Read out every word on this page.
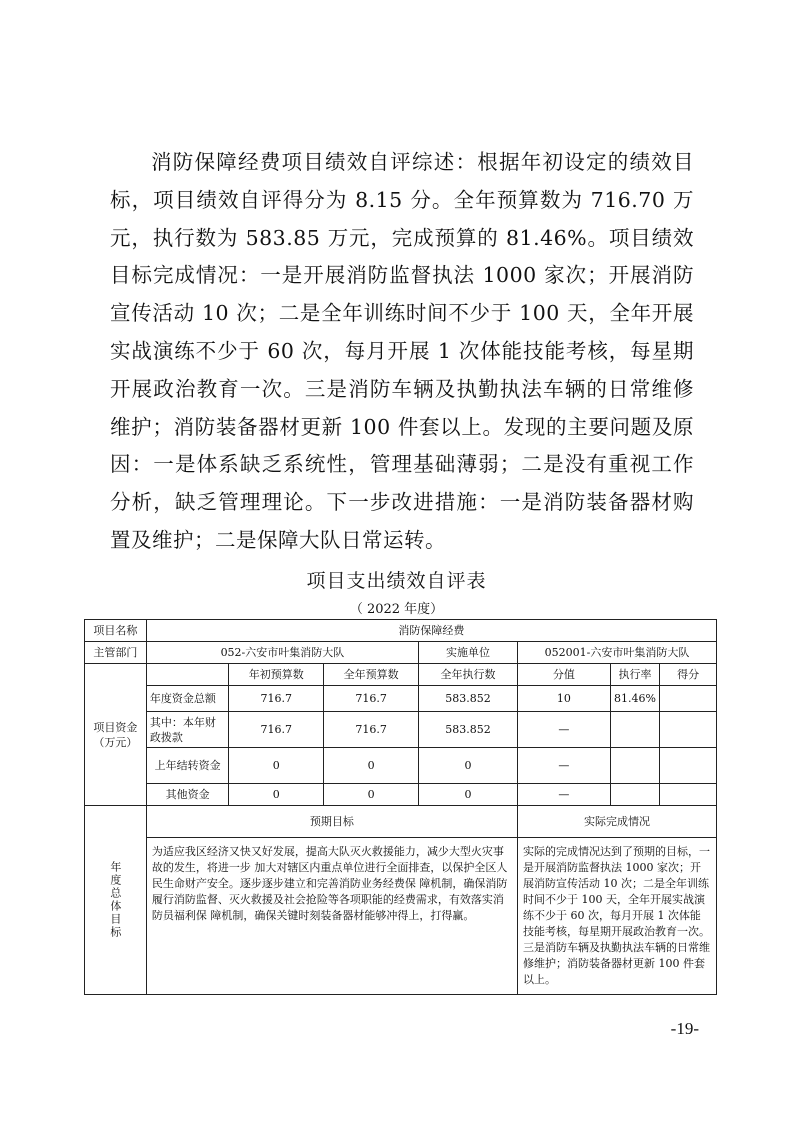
消防保障经费项目绩效自评综述：根据年初设定的绩效目标，项目绩效自评得分为 8.15 分。全年预算数为 716.70 万元，执行数为 583.85 万元，完成预算的 81.46%。项目绩效目标完成情况：一是开展消防监督执法 1000 家次；开展消防宣传活动 10 次；二是全年训练时间不少于 100 天，全年开展实战演练不少于 60 次，每月开展 1 次体能技能考核，每星期开展政治教育一次。三是消防车辆及执勤执法车辆的日常维修维护；消防装备器材更新 100 件套以上。发现的主要问题及原因：一是体系缺乏系统性，管理基础薄弱；二是没有重视工作分析，缺乏管理理论。下一步改进措施：一是消防装备器材购置及维护；二是保障大队日常运转。

项目支出绩效自评表

（ 2022 年度）

项目名称	消防保障经费						
主管部门	052-六安市叶集消防大队			实施单位	052001-六安市叶集消防大队		
项目资金（万元）		年初预算数	全年预算数	全年执行数	分值	执行率	得分
	年度资金总额	716.7	716.7	583.852	10	81.46%	
	其中：本年财政拨款	716.7	716.7	583.852	—		
	上年结转资金	0	0	0	—		
	其他资金	0	0	0	—		
年度总体目标	预期目标				实际完成情况		
	为适应我区经济又快又好发展，提高大队灭火救援能力，减少大型火灾事故的发生，将进一步 加大对辖区内重点单位进行全面排查，以保护全区人民生命财产安全。逐步逐步建立和完善消防业务经费保 障机制，确保消防履行消防监督、灭火救援及社会抢险等各项职能的经费需求，有效落实消防员福利保 障机制，确保关键时刻装备器材能够冲得上，打得赢。				实际的完成情况达到了预期的目标，一是开展消防监督执法 1000 家次；开展消防宣传活动 10 次；二是全年训练时间不少于 100 天，全年开展实战演练不少于 60 次，每月开展 1 次体能技能考核，每星期开展政治教育一次。三是消防车辆及执勤执法车辆的日常维修维护；消防装备器材更新 100 件套以上。		

-19-
